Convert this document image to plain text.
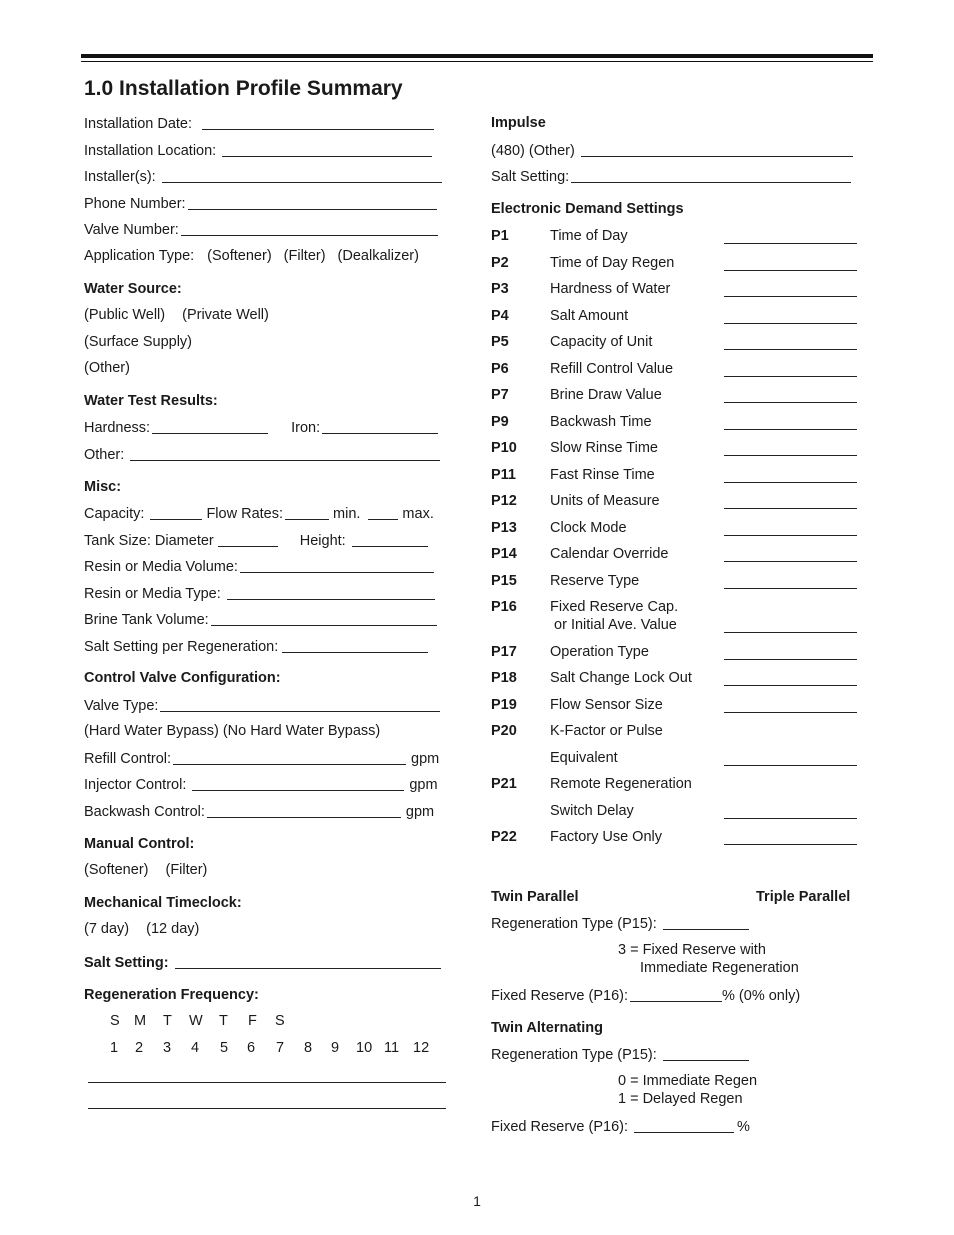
1.0 Installation Profile Summary
Installation Date:
Installation Location:
Installer(s):
Phone Number:
Valve Number:
Application Type: (Softener) (Filter) (Dealkalizer)
Water Source:
(Public Well) (Private Well)
(Surface Supply)
(Other)
Water Test Results:
Hardness:	Iron:
Other:
Misc:
Capacity:	Flow Rates:	min.	max.
Tank Size: Diameter	Height:
Resin or Media Volume:
Resin or Media Type:
Brine Tank Volume:
Salt Setting per Regeneration:
Control Valve Configuration:
Valve Type:
(Hard Water Bypass) (No Hard Water Bypass)
Refill Control:	gpm
Injector Control:	gpm
Backwash Control:	gpm
Manual Control:
(Softener) (Filter)
Mechanical Timeclock:
(7 day) (12 day)
Salt Setting:
Regeneration Frequency:
S M T W T F S
1 2 3 4 5 6 7 8 9 10 11 12
Impulse
(480) (Other)
Salt Setting:
Electronic Demand Settings
P1	Time of Day
P2	Time of Day Regen
P3	Hardness of Water
P4	Salt Amount
P5	Capacity of Unit
P6	Refill Control Value
P7	Brine Draw Value
P9	Backwash Time
P10 Slow Rinse Time
P11 Fast Rinse Time
P12 Units of Measure
P13 Clock Mode
P14 Calendar Override
P15 Reserve Type
P16 Fixed Reserve Cap.
or Initial Ave. Value
P17 Operation Type
P18 Salt Change Lock Out
P19 Flow Sensor Size
P20 K-Factor or Pulse
Equivalent
P21 Remote Regeneration
Switch Delay
P22 Factory Use Only
Twin Parallel	Triple Parallel
Regeneration Type (P15):
3 = Fixed Reserve with
Immediate Regeneration
Fixed Reserve (P16):	% (0% only)
Twin Alternating
Regeneration Type (P15):
0 = Immediate Regen
1 = Delayed Regen
Fixed Reserve (P16):	%
1
